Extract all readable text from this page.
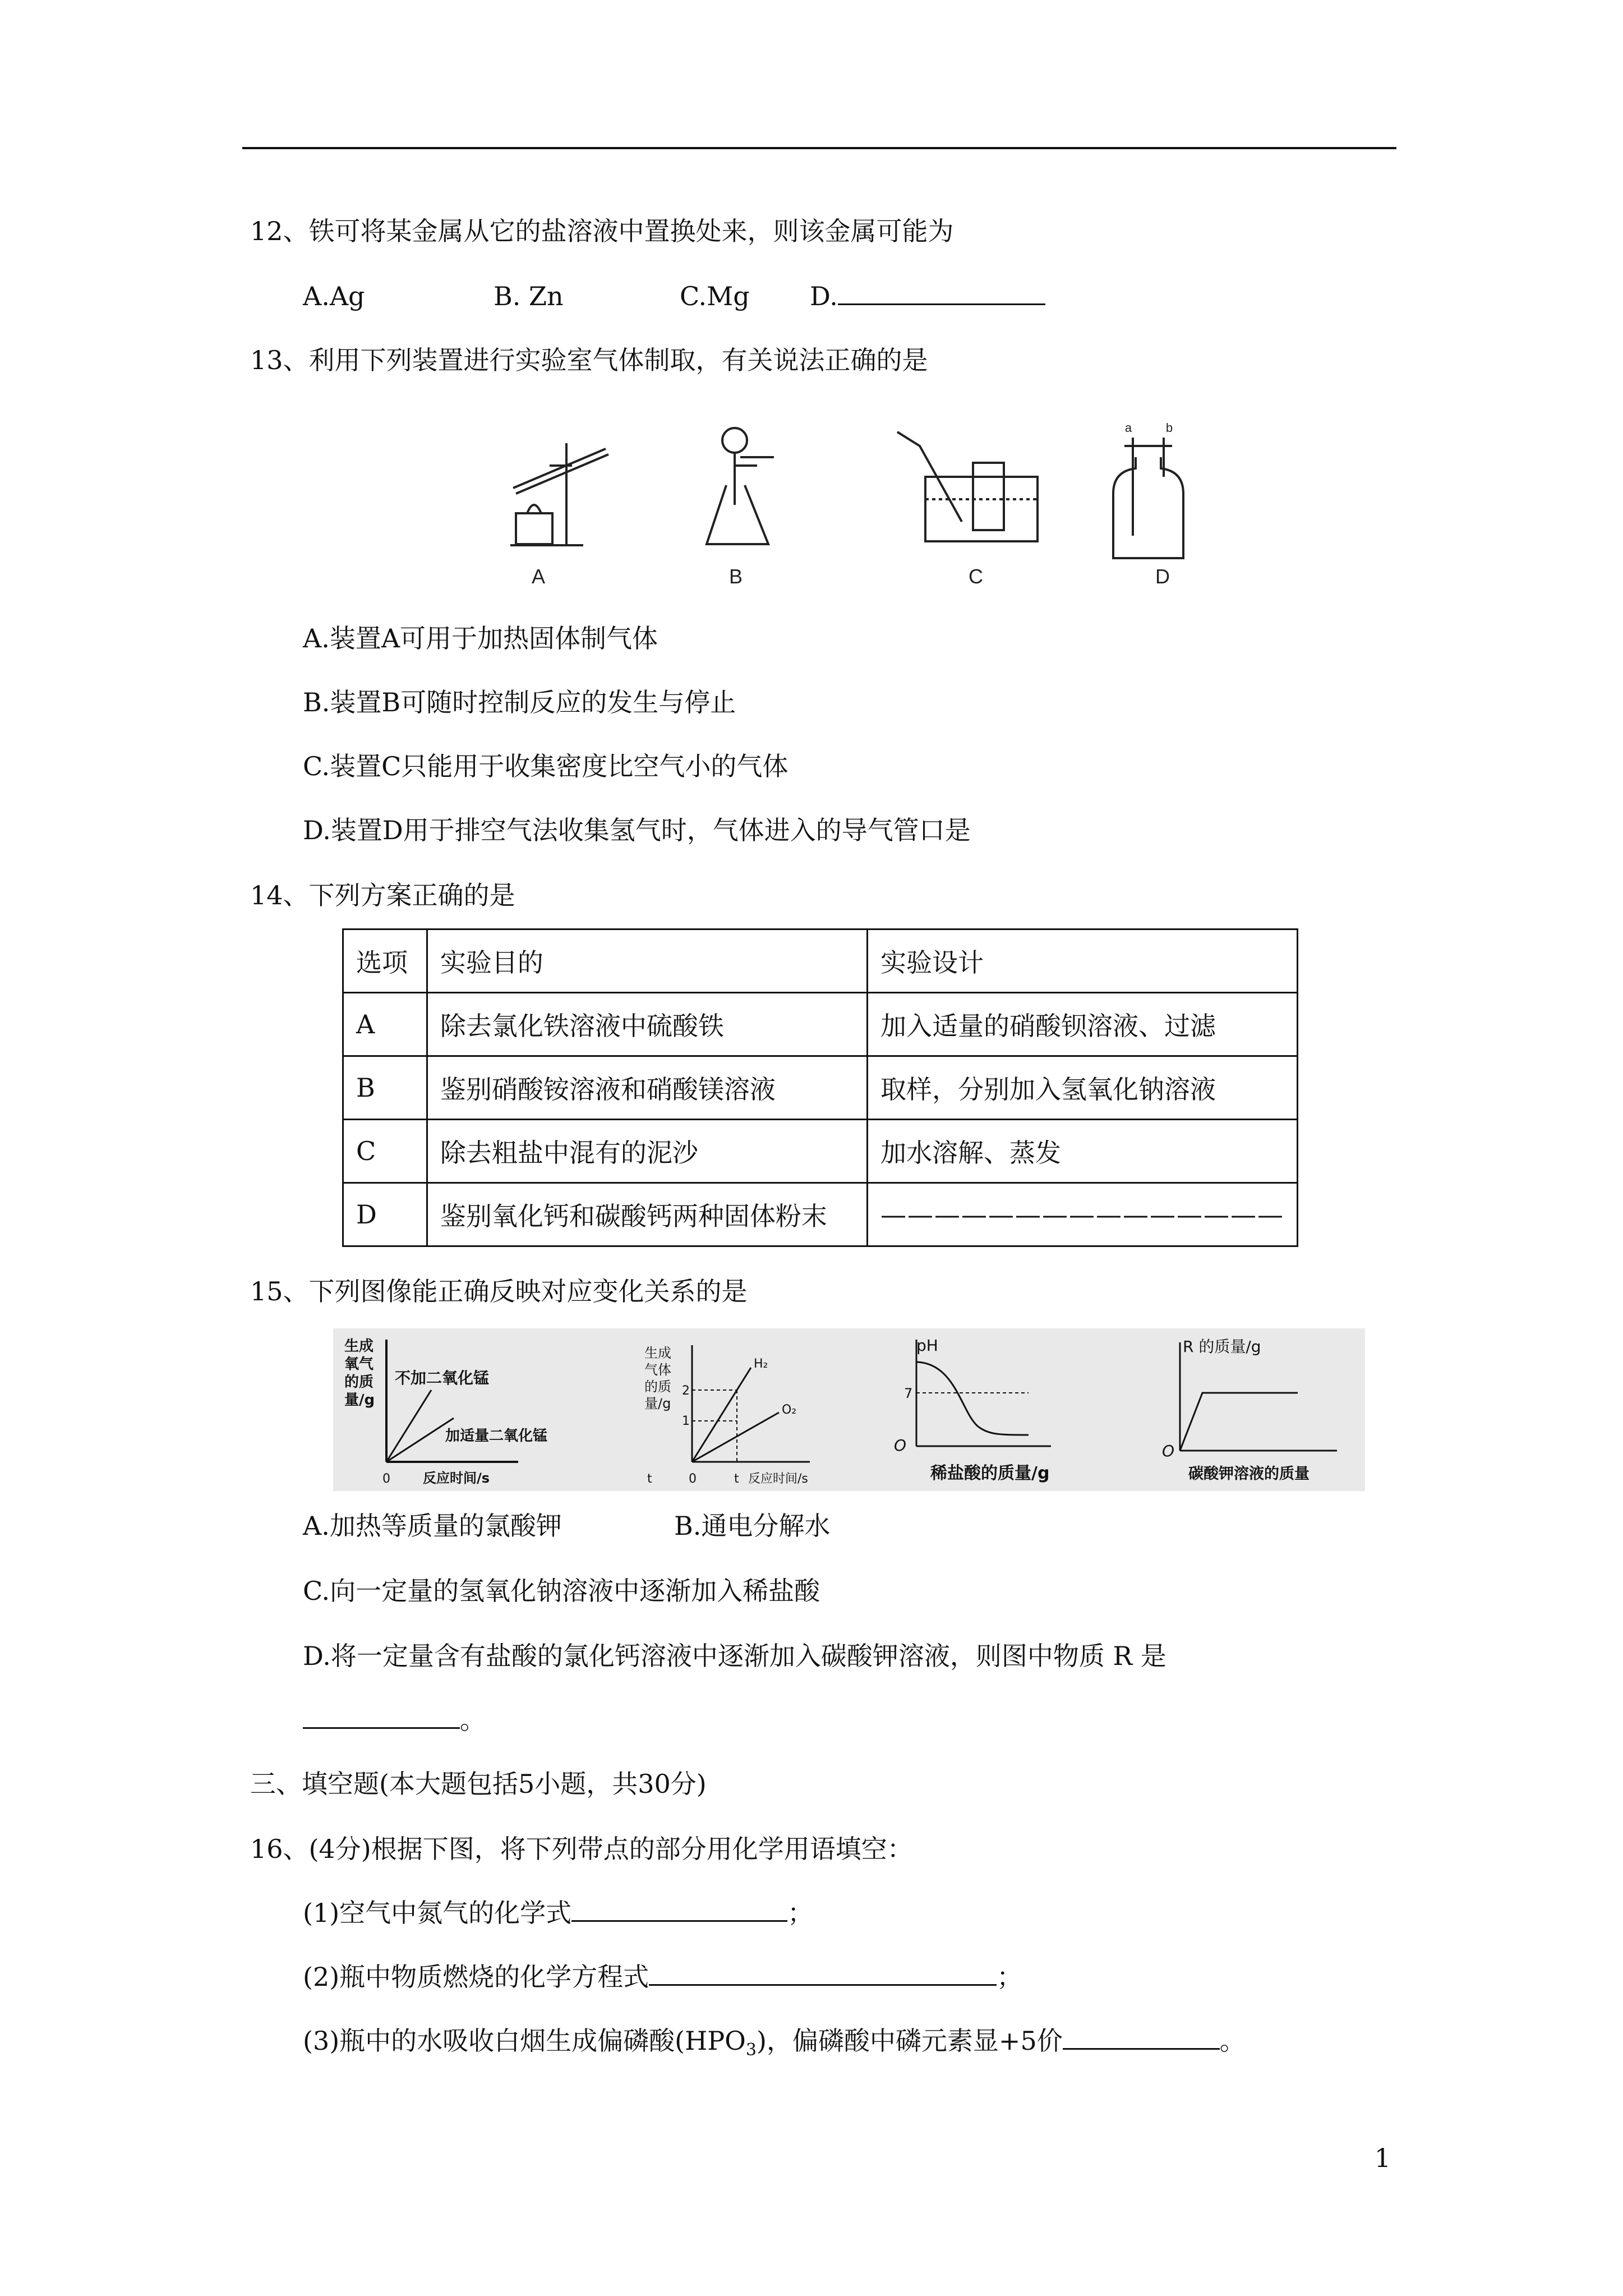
12、铁可将某金属从它的盐溶液中置换处来，则该金属可能为
A.Ag	B. Zn	C.Mg D.
13、利用下列装置进行实验室气体制取，有关说法正确的是
A	B	C	D
a	b
A.装置A可用于加热固体制气体
B.装置B可随时控制反应的发生与停止
C.装置C只能用于收集密度比空气小的气体
D.装置D用于排空气法收集氢气时，气体进入的导气管口是
14、下列方案正确的是
选项	实验目的	实验设计
A	除去氯化铁溶液中硫酸铁	加入适量的硝酸钡溶液、过滤
B	鉴别硝酸铵溶液和硝酸镁溶液	取样，分别加入氢氧化钠溶液
C	除去粗盐中混有的泥沙	加水溶解、蒸发
D	鉴别氧化钙和碳酸钙两种固体粉末	———————————————
15、下列图像能正确反映对应变化关系的是
生成
氧气
的质
量/g
不加二氧化锰
加适量二氧化锰
0 反应时间/s
生成
气体
的质
量/g
2
1
H₂
O₂
t	0	t 反应时间/s
pH
7
O
稀盐酸的质量/g
R 的质量/g
O
碳酸钾溶液的质量
A.加热等质量的氯酸钾	B.通电分解水
C.向一定量的氢氧化钠溶液中逐渐加入稀盐酸
D.将一定量含有盐酸的氯化钙溶液中逐渐加入碳酸钾溶液，则图中物质 R 是
。
三、填空题(本大题包括5小题，共30分)
16、(4分)根据下图，将下列带点的部分用化学用语填空：
(1)空气中氮气的化学式	；
(2)瓶中物质燃烧的化学方程式	；
(3)瓶中的水吸收白烟生成偏磷酸$(HPO_3)$，偏磷酸中磷元素显+5价	。
1
